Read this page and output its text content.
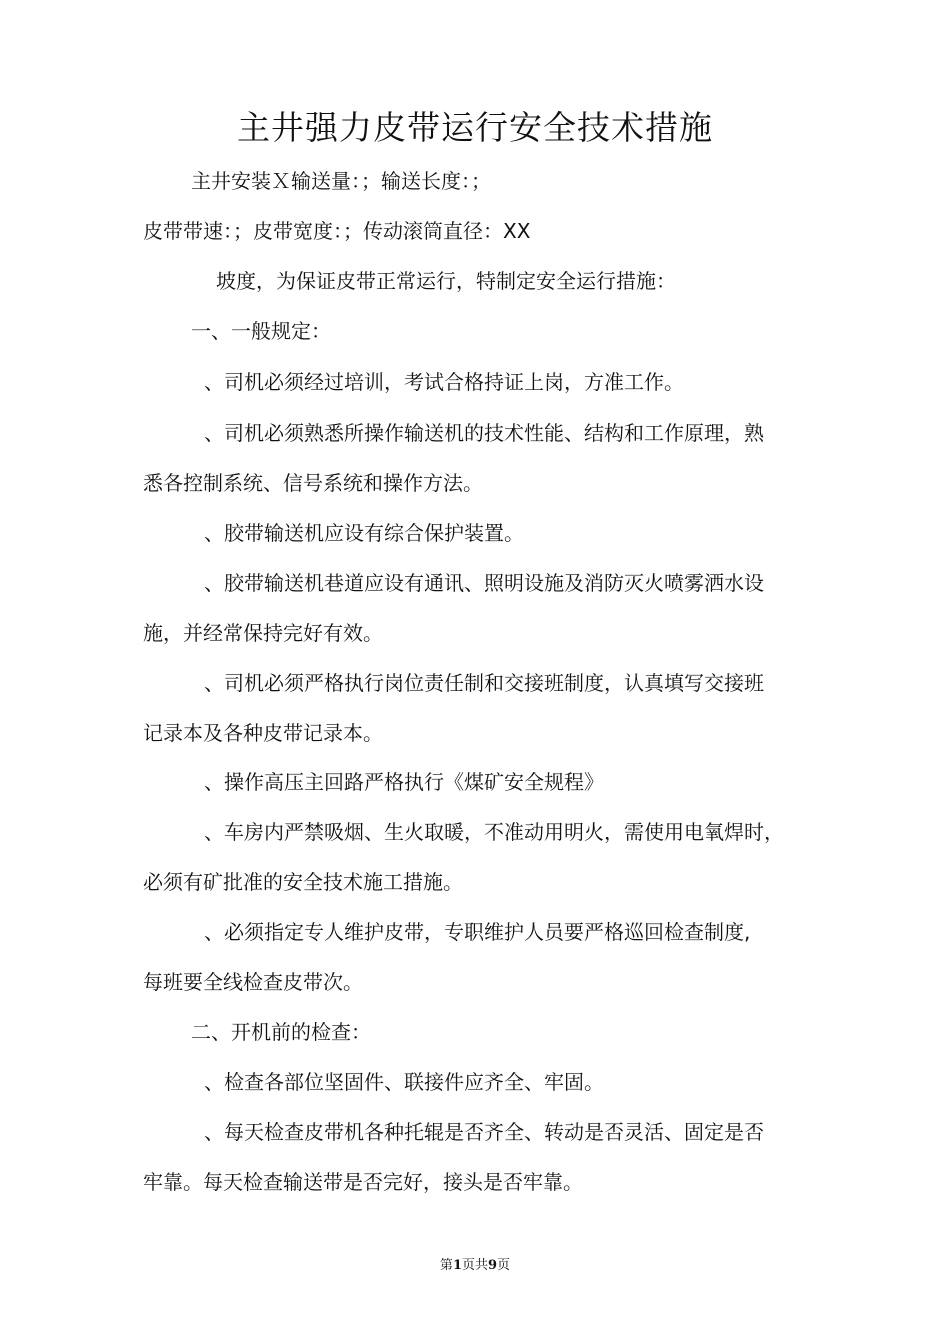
主井强力皮带运行安全技术措施

主井安装Ｘ输送量：；输送长度：；

皮带带速：；皮带宽度：；传动滚筒直径：XX

坡度，为保证皮带正常运行，特制定安全运行措施：

一、一般规定：

、司机必须经过培训，考试合格持证上岗，方准工作。

、司机必须熟悉所操作输送机的技术性能、结构和工作原理，熟

悉各控制系统、信号系统和操作方法。

、胶带输送机应设有综合保护装置。

、胶带输送机巷道应设有通讯、照明设施及消防灭火喷雾洒水设

施，并经常保持完好有效。

、司机必须严格执行岗位责任制和交接班制度，认真填写交接班

记录本及各种皮带记录本。

、操作高压主回路严格执行《煤矿安全规程》

、车房内严禁吸烟、生火取暖，不准动用明火，需使用电氧焊时，

必须有矿批准的安全技术施工措施。

、必须指定专人维护皮带，专职维护人员要严格巡回检查制度,

每班要全线检查皮带次。

二、开机前的检查：

、检查各部位坚固件、联接件应齐全、牢固。

、每天检查皮带机各种托辊是否齐全、转动是否灵活、固定是否

牢靠。每天检查输送带是否完好，接头是否牢靠。

第1页共9页
